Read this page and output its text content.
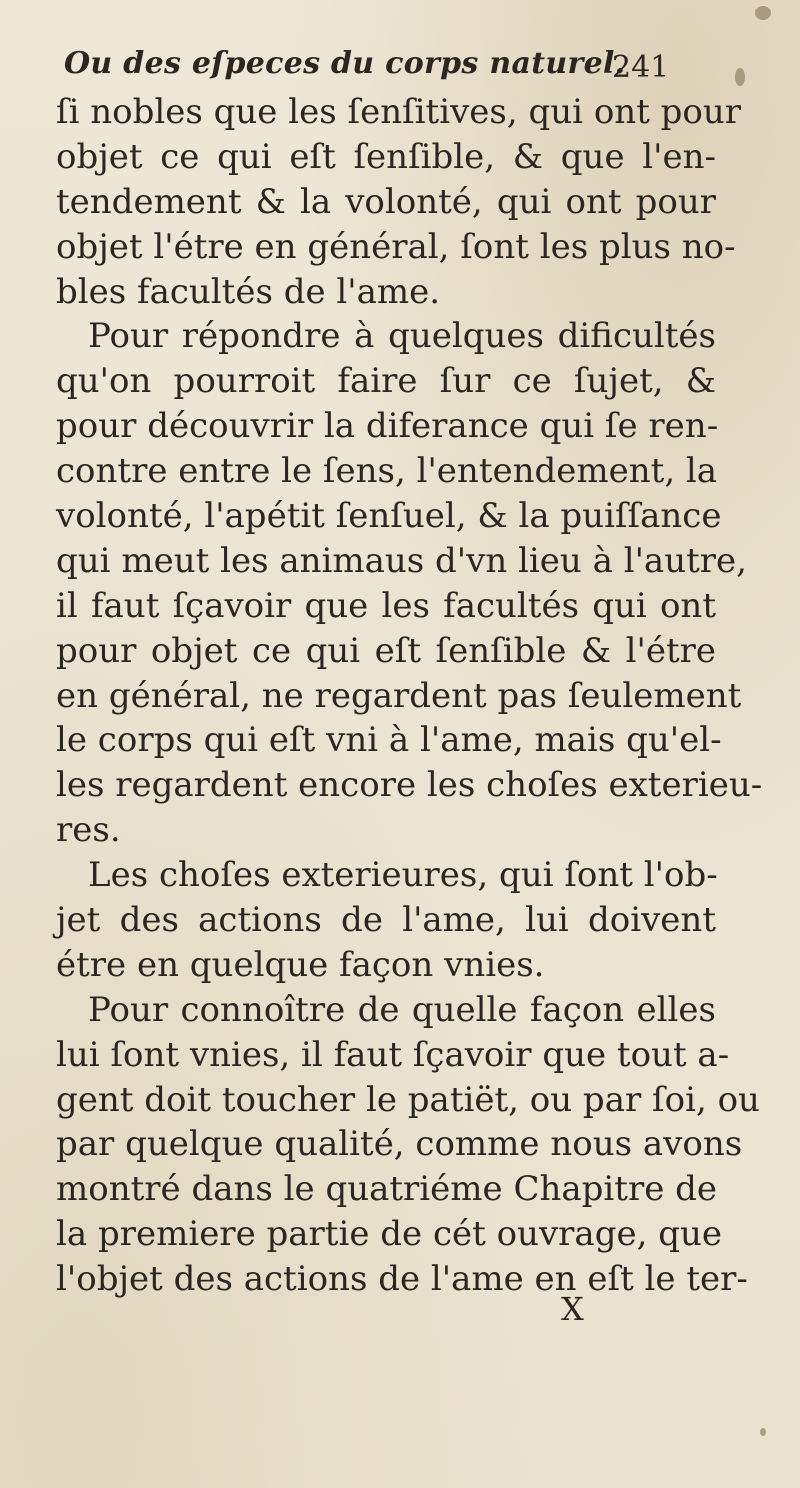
Ou des eſpeces du corps naturel.
241
ſi nobles que les ſenſitives, qui ont pour
objet ce qui eſt ſenſible, & que l'en-
tendement & la volonté, qui ont pour
objet l'étre en général, ſont les plus no-
bles facultés de l'ame.
Pour répondre à quelques dificultés
qu'on pourroit faire ſur ce ſujet, &
pour découvrir la diferance qui ſe ren-
contre entre le ſens, l'entendement, la
volonté, l'apétit ſenſuel, & la puiſſance
qui meut les animaus d'vn lieu à l'autre,
il faut ſçavoir que les facultés qui ont
pour objet ce qui eſt ſenſible & l'étre
en général, ne regardent pas ſeulement
le corps qui eſt vni à l'ame, mais qu'el-
les regardent encore les choſes exterieu-
res.
Les choſes exterieures, qui ſont l'ob-
jet des actions de l'ame, lui doivent
étre en quelque façon vnies.
Pour connoître de quelle façon elles
lui ſont vnies, il faut ſçavoir que tout a-
gent doit toucher le patiët, ou par ſoi, ou
par quelque qualité, comme nous avons
montré dans le quatriéme Chapitre de
la premiere partie de cét ouvrage, que
l'objet des actions de l'ame en eſt le ter-
X
